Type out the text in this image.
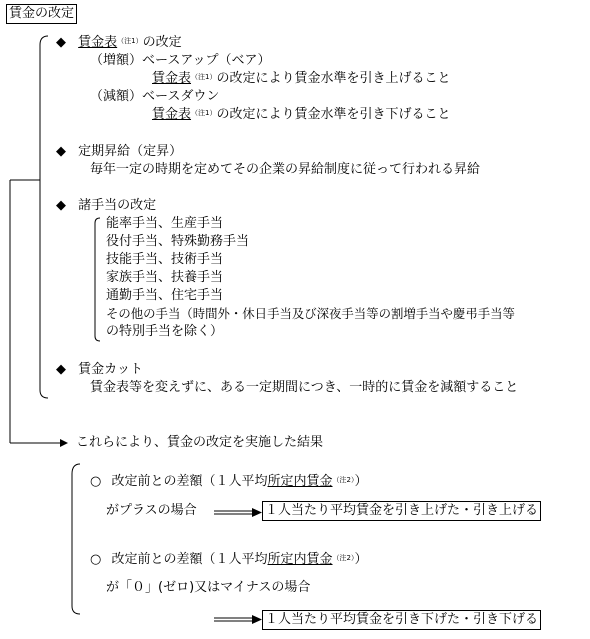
賃金の改定
◆ 賃金表$^{(注1)}$の改定
（増額）ベースアップ（ベア）
賃金表$^{(注1)}$の改定により賃金水準を引き上げること
（減額）ベースダウン
賃金表$^{(注1)}$の改定により賃金水準を引き下げること
◆ 定期昇給（定昇）
毎年一定の時期を定めてその企業の昇給制度に従って行われる昇給
◆ 諸手当の改定
能率手当、生産手当
役付手当、特殊勤務手当
技能手当、技術手当
家族手当、扶養手当
通勤手当、住宅手当
その他の手当（時間外・休日手当及び深夜手当等の割増手当や慶弔手当等
の特別手当を除く）
◆ 賃金カット
賃金表等を変えずに、ある一定期間につき、一時的に賃金を減額すること
これらにより、賃金の改定を実施した結果
○ 改定前との差額（１人平均所定内賃金$^{(注2)}$）
がプラスの場合	１人当たり平均賃金を引き上げた・引き上げる
○ 改定前との差額（１人平均所定内賃金$^{(注2)}$）
が「０」(ゼロ)又はマイナスの場合
１人当たり平均賃金を引き下げた・引き下げる
